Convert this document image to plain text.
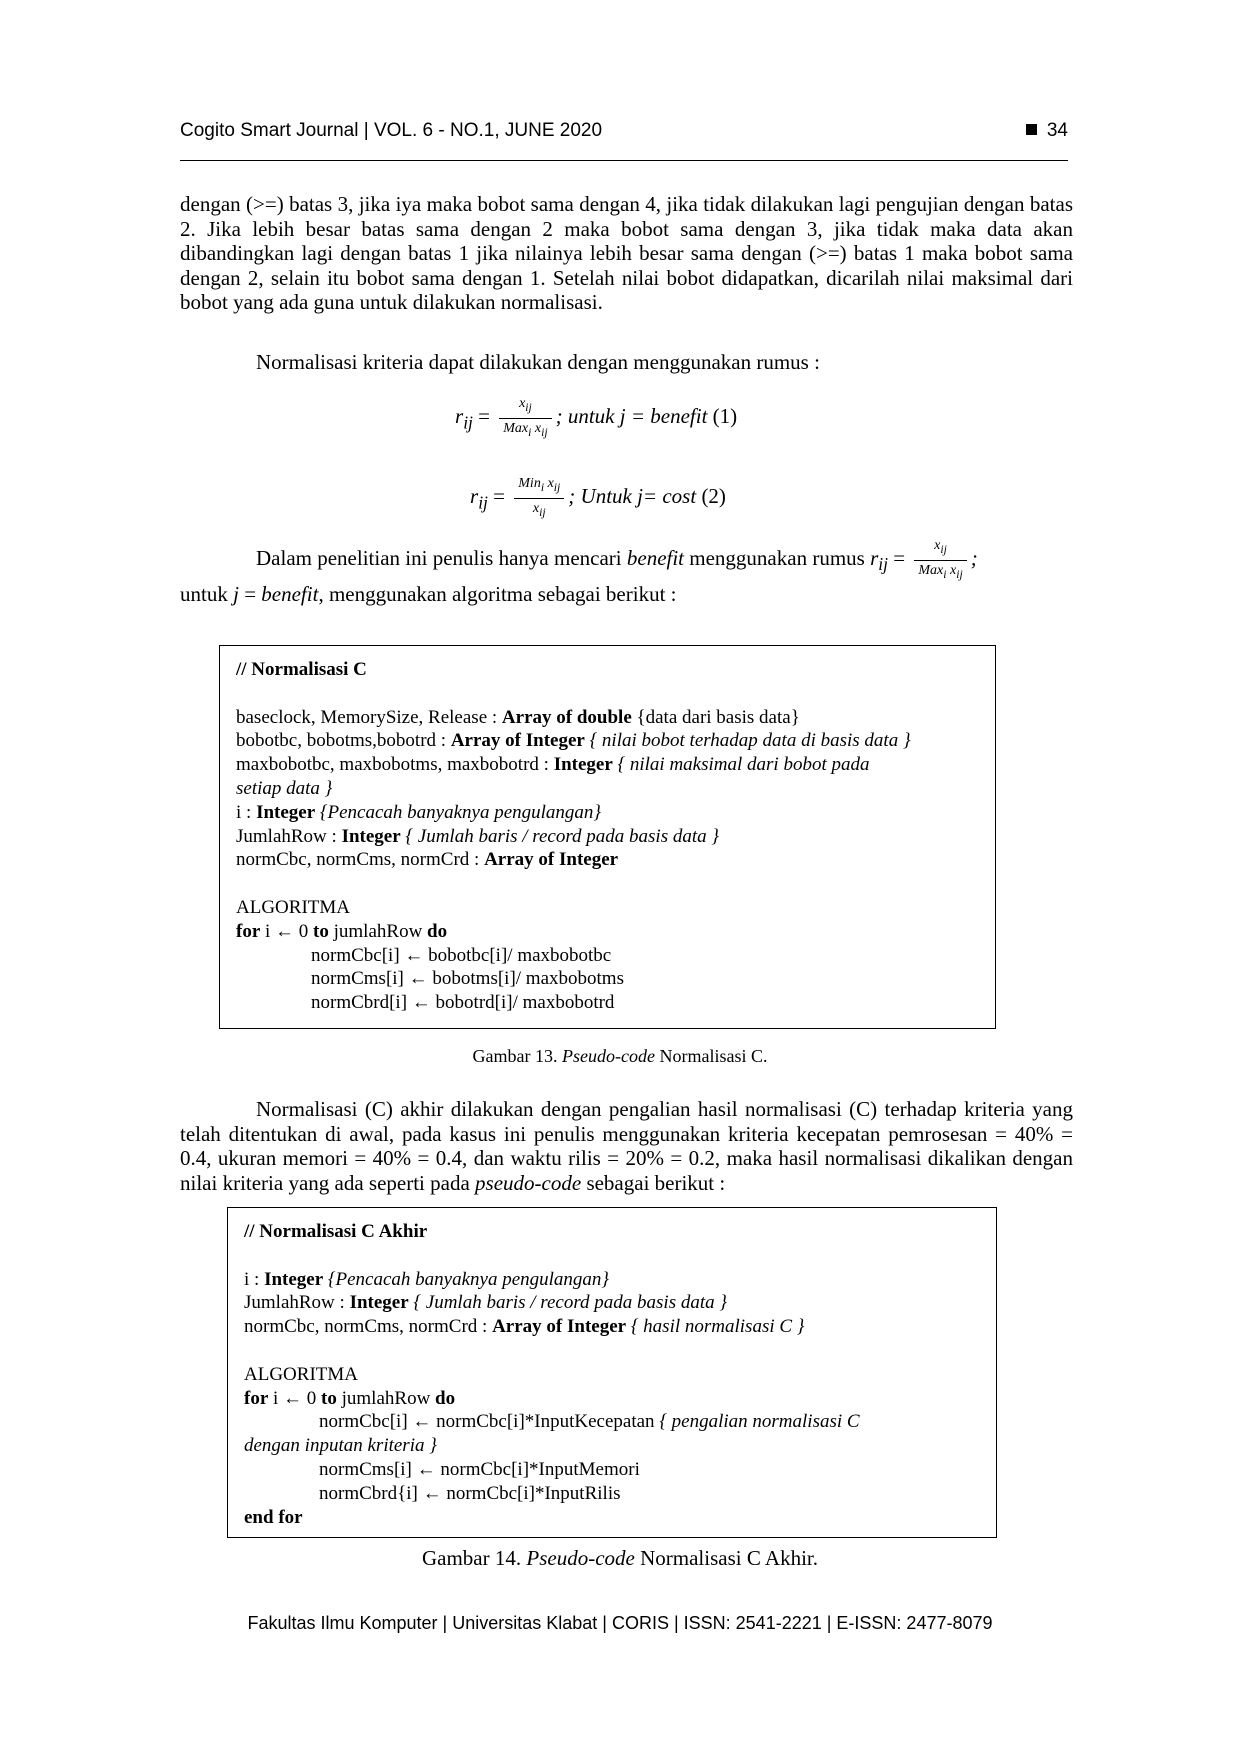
Cogito Smart Journal | VOL. 6 - NO.1, JUNE 2020	34
dengan (>=) batas 3, jika iya maka bobot sama dengan 4, jika tidak dilakukan lagi pengujian dengan batas 2. Jika lebih besar batas sama dengan 2 maka bobot sama dengan 3, jika tidak maka data akan dibandingkan lagi dengan batas 1 jika nilainya lebih besar sama dengan (>=) batas 1 maka bobot sama dengan 2, selain itu bobot sama dengan 1. Setelah nilai bobot didapatkan, dicarilah nilai maksimal dari bobot yang ada guna untuk dilakukan normalisasi.
Normalisasi kriteria dapat dilakukan dengan menggunakan rumus :
$r_{ij} = \frac{x_{ij}}{Max_i x_{ij}}$ ; untuk j = benefit (1)
$r_{ij} = \frac{Min_i x_{ij}}{x_{ij}}$ ; Untuk j= cost (2)
Dalam penelitian ini penulis hanya mencari benefit menggunakan rumus $r_{ij} = \frac{x_{ij}}{Max_i x_{ij}}$ ;
untuk j = benefit, menggunakan algoritma sebagai berikut :
// Normalisasi C
baseclock, MemorySize, Release : Array of double {data dari basis data}
bobotbc, bobotms,bobotrd : Array of Integer { nilai bobot terhadap data di basis data }
maxbobotbc, maxbobotms, maxbobotrd : Integer { nilai maksimal dari bobot pada
setiap data }
i : Integer {Pencacah banyaknya pengulangan}
JumlahRow : Integer { Jumlah baris / record pada basis data }
normCbc, normCms, normCrd : Array of Integer
ALGORITMA
for i ← 0 to jumlahRow do
normCbc[i] ← bobotbc[i]/ maxbobotbc
normCms[i] ← bobotms[i]/ maxbobotms
normCbrd[i] ← bobotrd[i]/ maxbobotrd
Gambar 13. Pseudo-code Normalisasi C.
Normalisasi (C) akhir dilakukan dengan pengalian hasil normalisasi (C) terhadap kriteria yang telah ditentukan di awal, pada kasus ini penulis menggunakan kriteria kecepatan pemrosesan = 40% = 0.4, ukuran memori = 40% = 0.4, dan waktu rilis = 20% = 0.2, maka hasil normalisasi dikalikan dengan nilai kriteria yang ada seperti pada pseudo-code sebagai berikut :
// Normalisasi C Akhir
i : Integer {Pencacah banyaknya pengulangan}
JumlahRow : Integer { Jumlah baris / record pada basis data }
normCbc, normCms, normCrd : Array of Integer { hasil normalisasi C }
ALGORITMA
for i ← 0 to jumlahRow do
normCbc[i] ← normCbc[i]*InputKecepatan { pengalian normalisasi C
dengan inputan kriteria }
normCms[i] ← normCbc[i]*InputMemori
normCbrd{i] ← normCbc[i]*InputRilis
end for
Gambar 14. Pseudo-code Normalisasi C Akhir.
Fakultas Ilmu Komputer | Universitas Klabat | CORIS | ISSN: 2541-2221 | E-ISSN: 2477-8079
